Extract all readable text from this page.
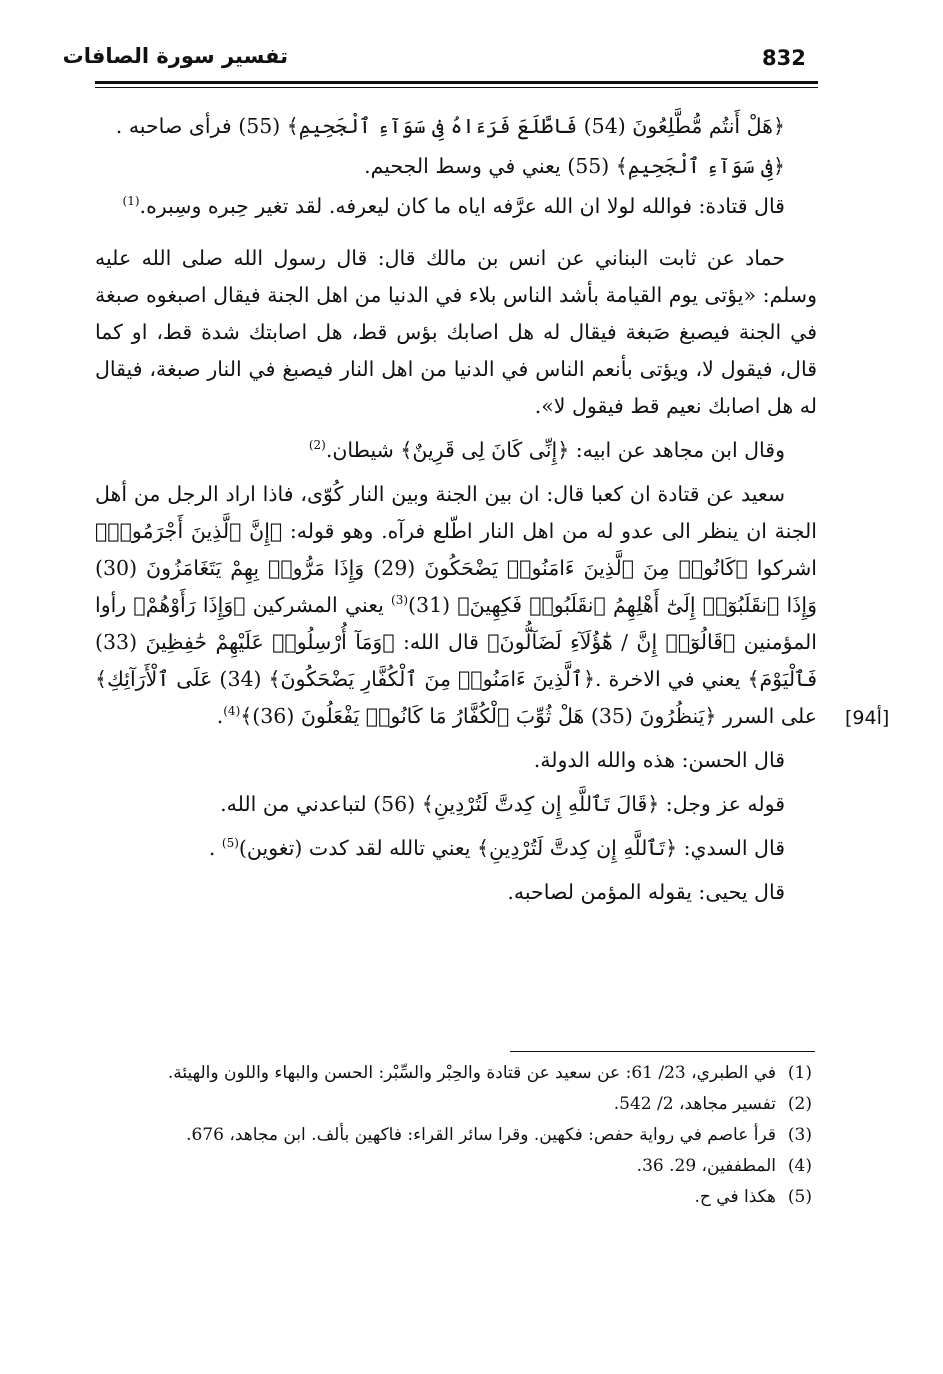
832
تفسير سورة الصافات
[94أ]

﴿هَلْ أَنتُم مُّطَّلِعُونَ (54) فَاطَّلَعَ فَرَءَاهُ فِى سَوَآءِ ٱلْجَحِيمِ﴾ (55) فرأى صاحبه .

﴿فِى سَوَآءِ ٱلْجَحِيمِ﴾ (55) يعني في وسط الجحيم.

قال قتادة: فوالله لولا ان الله عرَّفه اياه ما كان ليعرفه. لقد تغير حِبره وسِبره.$^{(1)}$

حماد عن ثابت البناني عن انس بن مالك قال: قال رسول الله صلى الله عليه وسلم: «يؤتى يوم القيامة بأشد الناس بلاء في الدنيا من اهل الجنة فيقال اصبغوه صبغة في الجنة فيصبغ صَبغة فيقال له هل اصابك بؤس قط، هل اصابتك شدة قط، او كما قال، فيقول لا، ويؤتى بأنعم الناس في الدنيا من اهل النار فيصبغ في النار صبغة، فيقال له هل اصابك نعيم قط فيقول لا».

وقال ابن مجاهد عن ابيه: ﴿إِنِّى كَانَ لِى قَرِينٌ﴾ شيطان.$^{(2)}$

سعيد عن قتادة ان كعبا قال: ان بين الجنة وبين النار كُوّى، فاذا اراد الرجل من أهل الجنة ان ينظر الى عدو له من اهل النار اطّلع فرآه. وهو قوله: ﴿إِنَّ ٱلَّذِينَ أَجْرَمُوا۟﴾ اشركوا ﴿كَانُوا۟ مِنَ ٱلَّذِينَ ءَامَنُوا۟ يَضْحَكُونَ (29) وَإِذَا مَرُّوا۟ بِهِمْ يَتَغَامَزُونَ (30) وَإِذَا ٱنقَلَبُوٓا۟ إِلَىٰٓ أَهْلِهِمُ ٱنقَلَبُوا۟ فَكِهِينَ﴾ (31)$^{(3)}$ يعني المشركين ﴿وَإِذَا رَأَوْهُمْ﴾ رأوا المؤمنين ﴿قَالُوٓا۟ إِنَّ / هَٰٓؤُلَآءِ لَضَآلُّونَ﴾ قال الله: ﴿وَمَآ أُرْسِلُوا۟ عَلَيْهِمْ حَٰفِظِينَ (33) فَٱلْيَوْمَ﴾ يعني في الاخرة .﴿ٱلَّذِينَ ءَامَنُوا۟ مِنَ ٱلْكُفَّارِ يَضْحَكُونَ﴾ (34) عَلَى ٱلْأَرَآئِكِ﴾ على السرر ﴿يَنظُرُونَ (35) هَلْ ثُوِّبَ ٱلْكُفَّارُ مَا كَانُوا۟ يَفْعَلُونَ (36)﴾$^{(4)}$.

قال الحسن: هذه والله الدولة.

قوله عز وجل: ﴿قَالَ تَٱللَّهِ إِن كِدتَّ لَتُرْدِينِ﴾ (56) لتباعدني من الله.

قال السدي: ﴿تَٱللَّهِ إِن كِدتَّ لَتُرْدِينِ﴾ يعني تالله لقد كدت (تغوين)$^{(5)}$ .

قال يحيى: يقوله المؤمن لصاحبه.

(1)
في الطبري، 23/ 61: عن سعيد عن قتادة والحِبْر والسِّبْر: الحسن والبهاء واللون والهيئة.
(2)
تفسير مجاهد، 2/ 542.
(3)
قرأ عاصم في رواية حفص: فكهين. وقرا سائر القراء: فاكهين بألف. ابن مجاهد، 676.
(4)
المطففين، 29. 36.
(5)
هكذا في ح.
